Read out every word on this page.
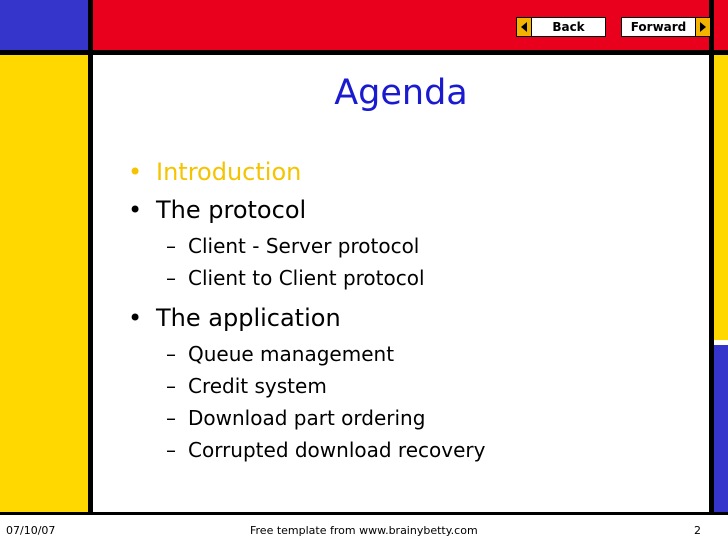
Back	Forward
Agenda
• Introduction
• The protocol
– Client - Server protocol
– Client to Client protocol
• The application
– Queue management
– Credit system
– Download part ordering
– Corrupted download recovery
07/10/07	Free template from www.brainybetty.com	2
